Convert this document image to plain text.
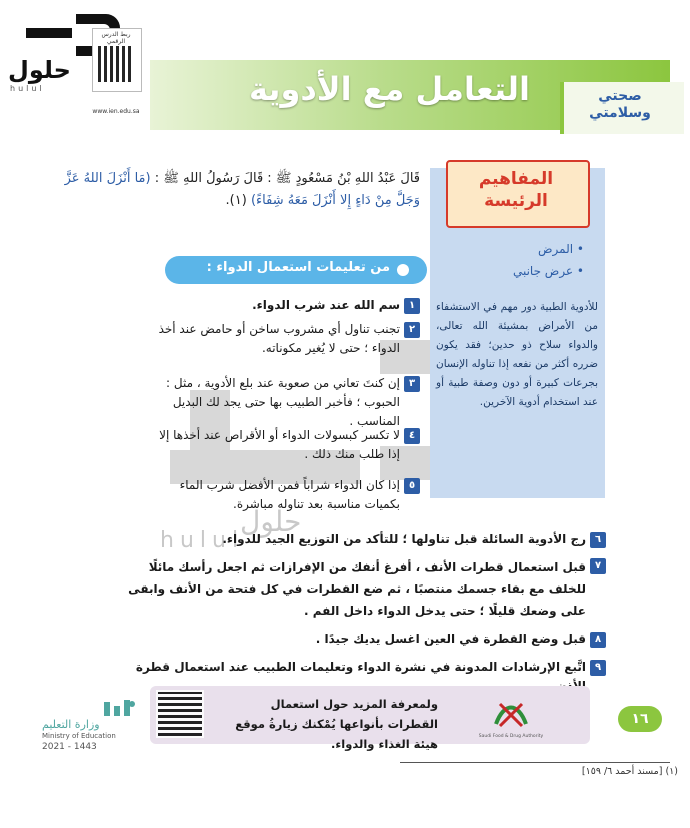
حلول
hulul
ربط الدرس الرقمي
www.ien.edu.sa
التعامل مع الأدوية	صحتي وسلامتي
حلول
hulul
المفاهيم
الرئيسة
• المرض
• عرض جانبي
للأدوية الطبية دور مهم في الاستشفاء من الأمراض بمشيئة الله تعالى، والدواء سلاح ذو حدين؛ فقد يكون ضرره أكثر من نفعه إذا تناوله الإنسان بجرعات كبيرة أو دون وصفة طبية أو عند استخدام أدوية الآخرين.
قَالَ عَبْدُ اللهِ بْنُ مَسْعُودٍ ﷺ : قَالَ رَسُولُ اللهِ ﷺ : (مَا أَنْزَلَ اللهُ عَزَّ وَجَلَّ مِنْ دَاءٍ إِلا أَنْزَلَ مَعَهُ شِفَاءً) (١).
من تعليمات استعمال الدواء :
١
سم الله عند شرب الدواء.
٢
تجنب تناول أي مشروب ساخن أو حامض عند أخذ الدواء ؛ حتى لا يُغير مكوناته.
٣
إن كنتَ تعاني من صعوبة عند بلع الأدوية ، مثل : الحبوب ؛ فأخبر الطبيب بها حتى يجد لك البديل المناسب .
٤
لا تكسر كبسولات الدواء أو الأقراص عند أخذها إلا إذا طلب منك ذلك .
٥
إذا كان الدواء شراباً فمن الأفضل شرب الماء بكميات مناسبة بعد تناوله مباشرة.
٦
رج الأدوية السائلة قبل تناولها ؛ للتأكد من التوزيع الجيد للدواء.
٧
قبل استعمال قطرات الأنف ، أفرغ أنفك من الإفرازات ثم اجعل رأسك مائلًا للخلف مع بقاء جسمك منتصبًا ، ثم ضع القطرات في كل فتحة من الأنف وابقى على وضعك قليلًا ؛ حتى يدخل الدواء داخل الفم .
٨
قبل وضع القطرة في العين اغسل يديك جيدًا .
٩
اتَّبع الإرشادات المدونة في نشرة الدواء وتعليمات الطبيب عند استعمال قطرة
ولمعرفة المزيد حول استعمال القطرات بأنواعها يُمْكنك زيارةُ موقع هيئة الغذاء والدواء.
Saudi Food & Drug Authority
١٦
وزارة التعليم
Ministry of Education
2021 - 1443
(١) [مسند أحمد ٦/ ١٥٩]
